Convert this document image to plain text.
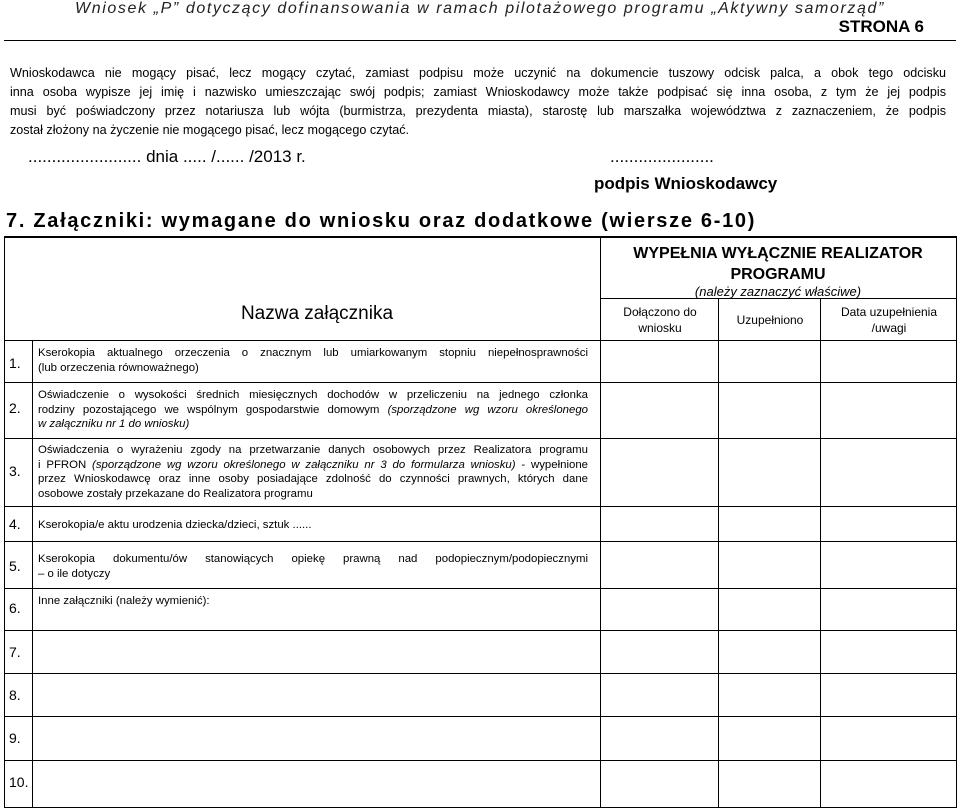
Wniosek „P” dotyczący dofinansowania w ramach pilotażowego programu „Aktywny samorząd”
STRONA 6

Wnioskodawca nie mogący pisać, lecz mogący czytać, zamiast podpisu może uczynić na dokumencie tuszowy odcisk palca, a obok tego odcisku

inna osoba wypisze jej imię i nazwisko umieszczając swój podpis; zamiast Wnioskodawcy może także podpisać się inna osoba, z tym że jej podpis

musi być poświadczony przez notariusza lub wójta (burmistrza, prezydenta miasta), starostę lub marszałka województwa z zaznaczeniem, że podpis

został złożony na życzenie nie mogącego pisać, lecz mogącego czytać.

........................ dnia ..... /...... /2013 r.	......................
podpis Wnioskodawcy
7. Załączniki: wymagane do wniosku oraz dodatkowe (wiersze 6-10)
WYPEŁNIA WYŁĄCZNIE REALIZATOR PROGRAMU
(należy zaznaczyć właściwe)
Nazwa załącznika	Dołączono do wniosku
Uzupełniono
Data uzupełnienia /uwagi
1.
Kserokopia aktualnego orzeczenia o znacznym lub umiarkowanym stopniu niepełnosprawności
(lub orzeczenia równoważnego)
2.
Oświadczenie o wysokości średnich miesięcznych dochodów w przeliczeniu na jednego członka
rodziny pozostającego we wspólnym gospodarstwie domowym (sporządzone wg wzoru określonego
w załączniku nr 1 do wniosku)
3.
Oświadczenia o wyrażeniu zgody na przetwarzanie danych osobowych przez Realizatora programu
i PFRON (sporządzone wg wzoru określonego w załączniku nr 3 do formularza wniosku) - wypełnione
przez Wnioskodawcę oraz inne osoby posiadające zdolność do czynności prawnych, których dane
osobowe zostały przekazane do Realizatora programu
4. Kserokopia/e aktu urodzenia dziecka/dzieci, sztuk ......
5. Kserokopia dokumentu/ów stanowiących opiekę prawną nad podopiecznym/podopiecznymi
– o ile dotyczy
6. Inne załączniki (należy wymienić):
7.
8.
9.
10.
